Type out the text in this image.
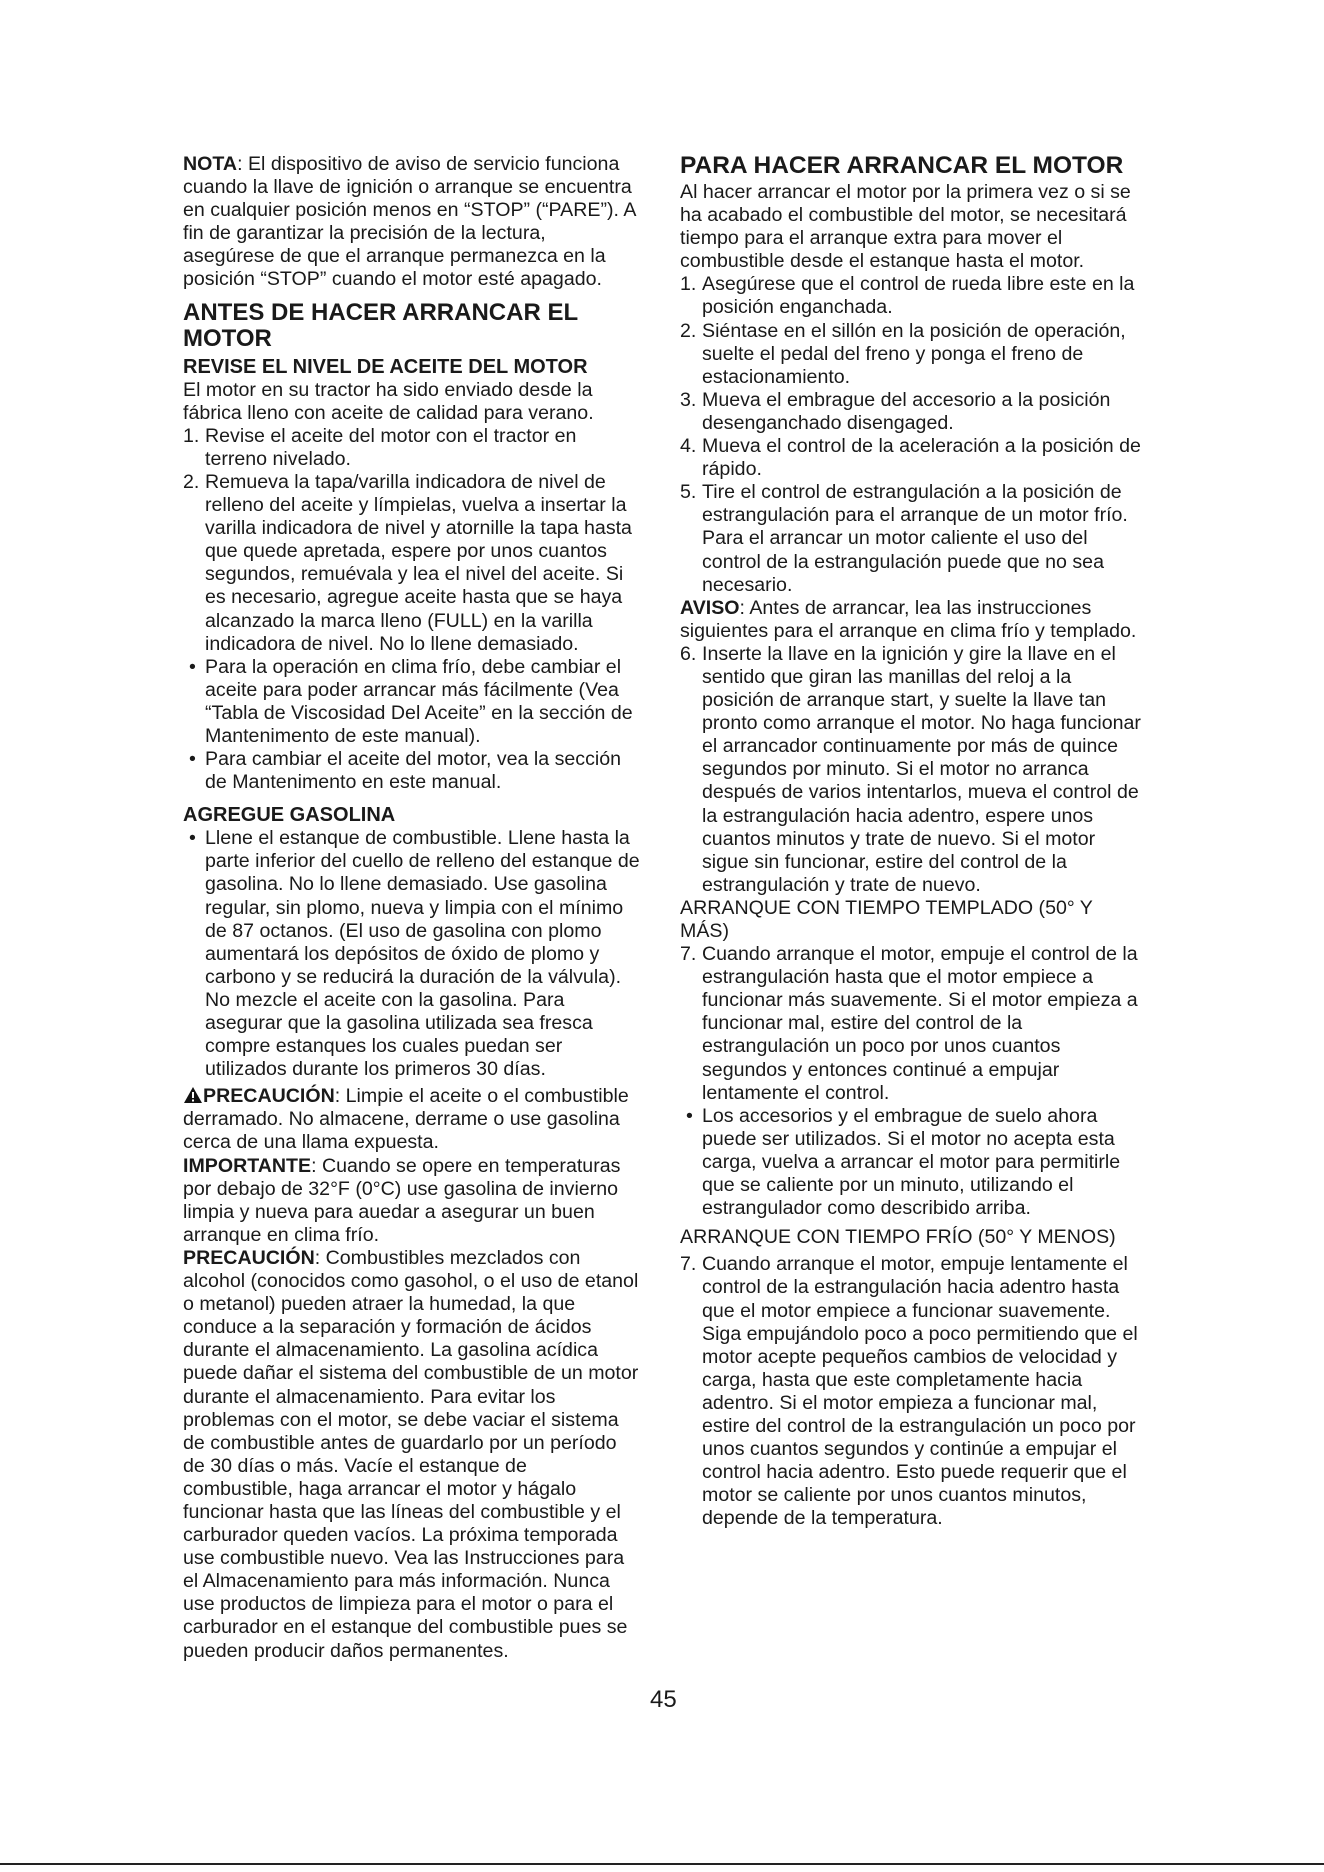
NOTA: El dispositivo de aviso de servicio funciona cuando la llave de ignición o arranque se encuentra en cualquier posición menos en “STOP” (“PARE”). A fin de garantizar la precisión de la lectura, asegúrese de que el arranque permanezca en la posición “STOP” cuando el motor esté apagado.

ANTES DE HACER ARRANCAR EL MOTOR
REVISE EL NIVEL DE ACEITE DEL MOTOR

El motor en su tractor ha sido enviado desde la fábrica lleno con aceite de calidad para verano.

1. Revise el aceite del motor con el tractor en terreno nivelado.
2. Remueva la tapa/varilla indicadora de nivel de relleno del aceite y límpielas, vuelva a insertar la varilla indicadora de nivel y atornille la tapa hasta que quede apretada, espere por unos cuantos segundos, remuévala y lea el nivel del aceite. Si es necesario, agregue aceite hasta que se haya alcanzado la marca lleno (FULL) en la varilla indicadora de nivel. No lo llene demasiado.
• Para la operación en clima frío, debe cambiar el aceite para poder arrancar más fácilmente (Vea “Tabla de Viscosidad Del Aceite” en la sección de Mantenimento de este manual).
• Para cambiar el aceite del motor, vea la sección de Mantenimento en este manual.
AGREGUE GASOLINA
• Llene el estanque de combustible. Llene hasta la parte inferior del cuello de relleno del estanque de gasolina. No lo llene demasiado. Use gasolina regular, sin plomo, nueva y limpia con el mínimo de 87 octanos. (El uso de gasolina con plomo aumentará los depósitos de óxido de plomo y carbono y se reducirá la duración de la válvula). No mezcle el aceite con la gasolina. Para asegurar que la gasolina utilizada sea fresca compre estanques los cuales puedan ser utilizados durante los primeros 30 días.

PRECAUCIÓN: Limpie el aceite o el combustible derramado. No almacene, derrame o use gasolina cerca de una llama expuesta.

IMPORTANTE: Cuando se opere en temperaturas por debajo de 32°F (0°C) use gasolina de invierno limpia y nueva para auedar a asegurar un buen arranque en clima frío.

PRECAUCIÓN: Combustibles mezclados con alcohol (conocidos como gasohol, o el uso de etanol o metanol) pueden atraer la humedad, la que conduce a la separación y formación de ácidos durante el almacenamiento. La gasolina acídica puede dañar el sistema del combustible de un motor durante el almacenamiento. Para evitar los problemas con el motor, se debe vaciar el sistema de combustible antes de guardarlo por un período de 30 días o más. Vacíe el estanque de combustible, haga arrancar el motor y hágalo funcionar hasta que las líneas del combustible y el carburador queden vacíos. La próxima temporada use combustible nuevo. Vea las Instrucciones para el Almacenamiento para más información. Nunca use productos de limpieza para el motor o para el carburador en el estanque del combustible pues se pueden producir daños permanentes.

PARA HACER ARRANCAR EL MOTOR

Al hacer arrancar el motor por la primera vez o si se ha acabado el combustible del motor, se necesitará tiempo para el arranque extra para mover el combustible desde el estanque hasta el motor.

1. Asegúrese que el control de rueda libre este en la posición enganchada.
2. Siéntase en el sillón en la posición de operación, suelte el pedal del freno y ponga el freno de estacionamiento.
3. Mueva el embrague del accesorio a la posición desenganchado disengaged.
4. Mueva el control de la aceleración a la posición de rápido.
5. Tire el control de estrangulación a la posición de estrangulación para el arranque de un motor frío. Para el arrancar un motor caliente el uso del control de la estrangulación puede que no sea necesario.

AVISO: Antes de arrancar, lea las instrucciones siguientes para el arranque en clima frío y templado.

6. Inserte la llave en la ignición y gire la llave en el sentido que giran las manillas del reloj a la posición de arranque start, y suelte la llave tan pronto como arranque el motor. No haga funcionar el arrancador continuamente por más de quince segundos por minuto. Si el motor no arranca después de varios intentarlos, mueva el control de la estrangulación hacia adentro, espere unos cuantos minutos y trate de nuevo. Si el motor sigue sin funcionar, estire del control de la estrangulación y trate de nuevo.

ARRANQUE CON TIEMPO TEMPLADO (50° Y MÁS)

7. Cuando arranque el motor, empuje el control de la estrangulación hasta que el motor empiece a funcionar más suavemente. Si el motor empieza a funcionar mal, estire del control de la estrangulación un poco por unos cuantos segundos y entonces continué a empujar lentamente el control.
• Los accesorios y el embrague de suelo ahora puede ser utilizados. Si el motor no acepta esta carga, vuelva a arrancar el motor para permitirle que se caliente por un minuto, utilizando el estrangulador como describido arriba.

ARRANQUE CON TIEMPO FRÍO (50° Y MENOS)

7. Cuando arranque el motor, empuje lentamente el control de la estrangulación hacia adentro hasta que el motor empiece a funcionar suavemente. Siga empujándolo poco a poco permitiendo que el motor acepte pequeños cambios de velocidad y carga, hasta que este completamente hacia adentro. Si el motor empieza a funcionar mal, estire del control de la estrangulación un poco por unos cuantos segundos y continúe a empujar el control hacia adentro. Esto puede requerir que el motor se caliente por unos cuantos minutos, depende de la temperatura.
45
